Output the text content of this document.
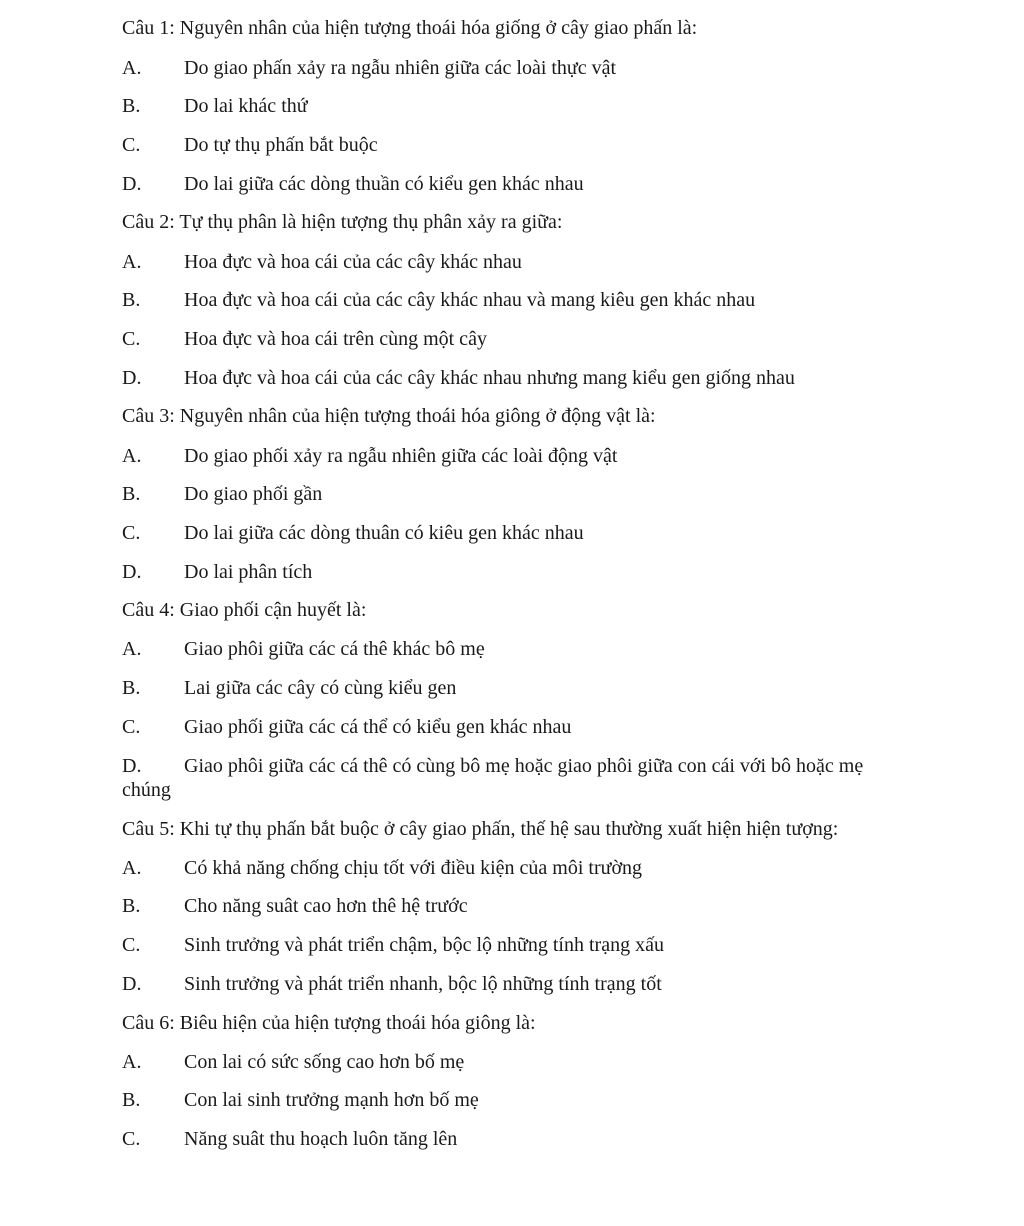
Câu 1: Nguyên nhân của hiện tượng thoái hóa giống ở cây giao phấn là:
A. Do giao phấn xảy ra ngẫu nhiên giữa các loài thực vật
B. Do lai khác thứ
C. Do tự thụ phấn bắt buộc
D. Do lai giữa các dòng thuần có kiểu gen khác nhau
Câu 2: Tự thụ phân là hiện tượng thụ phân xảy ra giữa:
A. Hoa đực và hoa cái của các cây khác nhau
B. Hoa đực và hoa cái của các cây khác nhau và mang kiêu gen khác nhau
C. Hoa đực và hoa cái trên cùng một cây
D. Hoa đực và hoa cái của các cây khác nhau nhưng mang kiểu gen giống nhau
Câu 3: Nguyên nhân của hiện tượng thoái hóa giông ở động vật là:
A. Do giao phối xảy ra ngẫu nhiên giữa các loài động vật
B. Do giao phối gần
C. Do lai giữa các dòng thuân có kiêu gen khác nhau
D. Do lai phân tích
Câu 4: Giao phối cận huyết là:
A. Giao phôi giữa các cá thê khác bô mẹ
B. Lai giữa các cây có cùng kiểu gen
C. Giao phối giữa các cá thể có kiểu gen khác nhau
D. Giao phôi giữa các cá thê có cùng bô mẹ hoặc giao phôi giữa con cái với bô hoặc mẹ chúng
Câu 5: Khi tự thụ phấn bắt buộc ở cây giao phấn, thế hệ sau thường xuất hiện hiện tượng:
A. Có khả năng chống chịu tốt với điều kiện của môi trường
B. Cho năng suât cao hơn thê hệ trước
C. Sinh trưởng và phát triển chậm, bộc lộ những tính trạng xấu
D. Sinh trưởng và phát triển nhanh, bộc lộ những tính trạng tốt
Câu 6: Biêu hiện của hiện tượng thoái hóa giông là:
A. Con lai có sức sống cao hơn bố mẹ
B. Con lai sinh trưởng mạnh hơn bố mẹ
C. Năng suât thu hoạch luôn tăng lên
